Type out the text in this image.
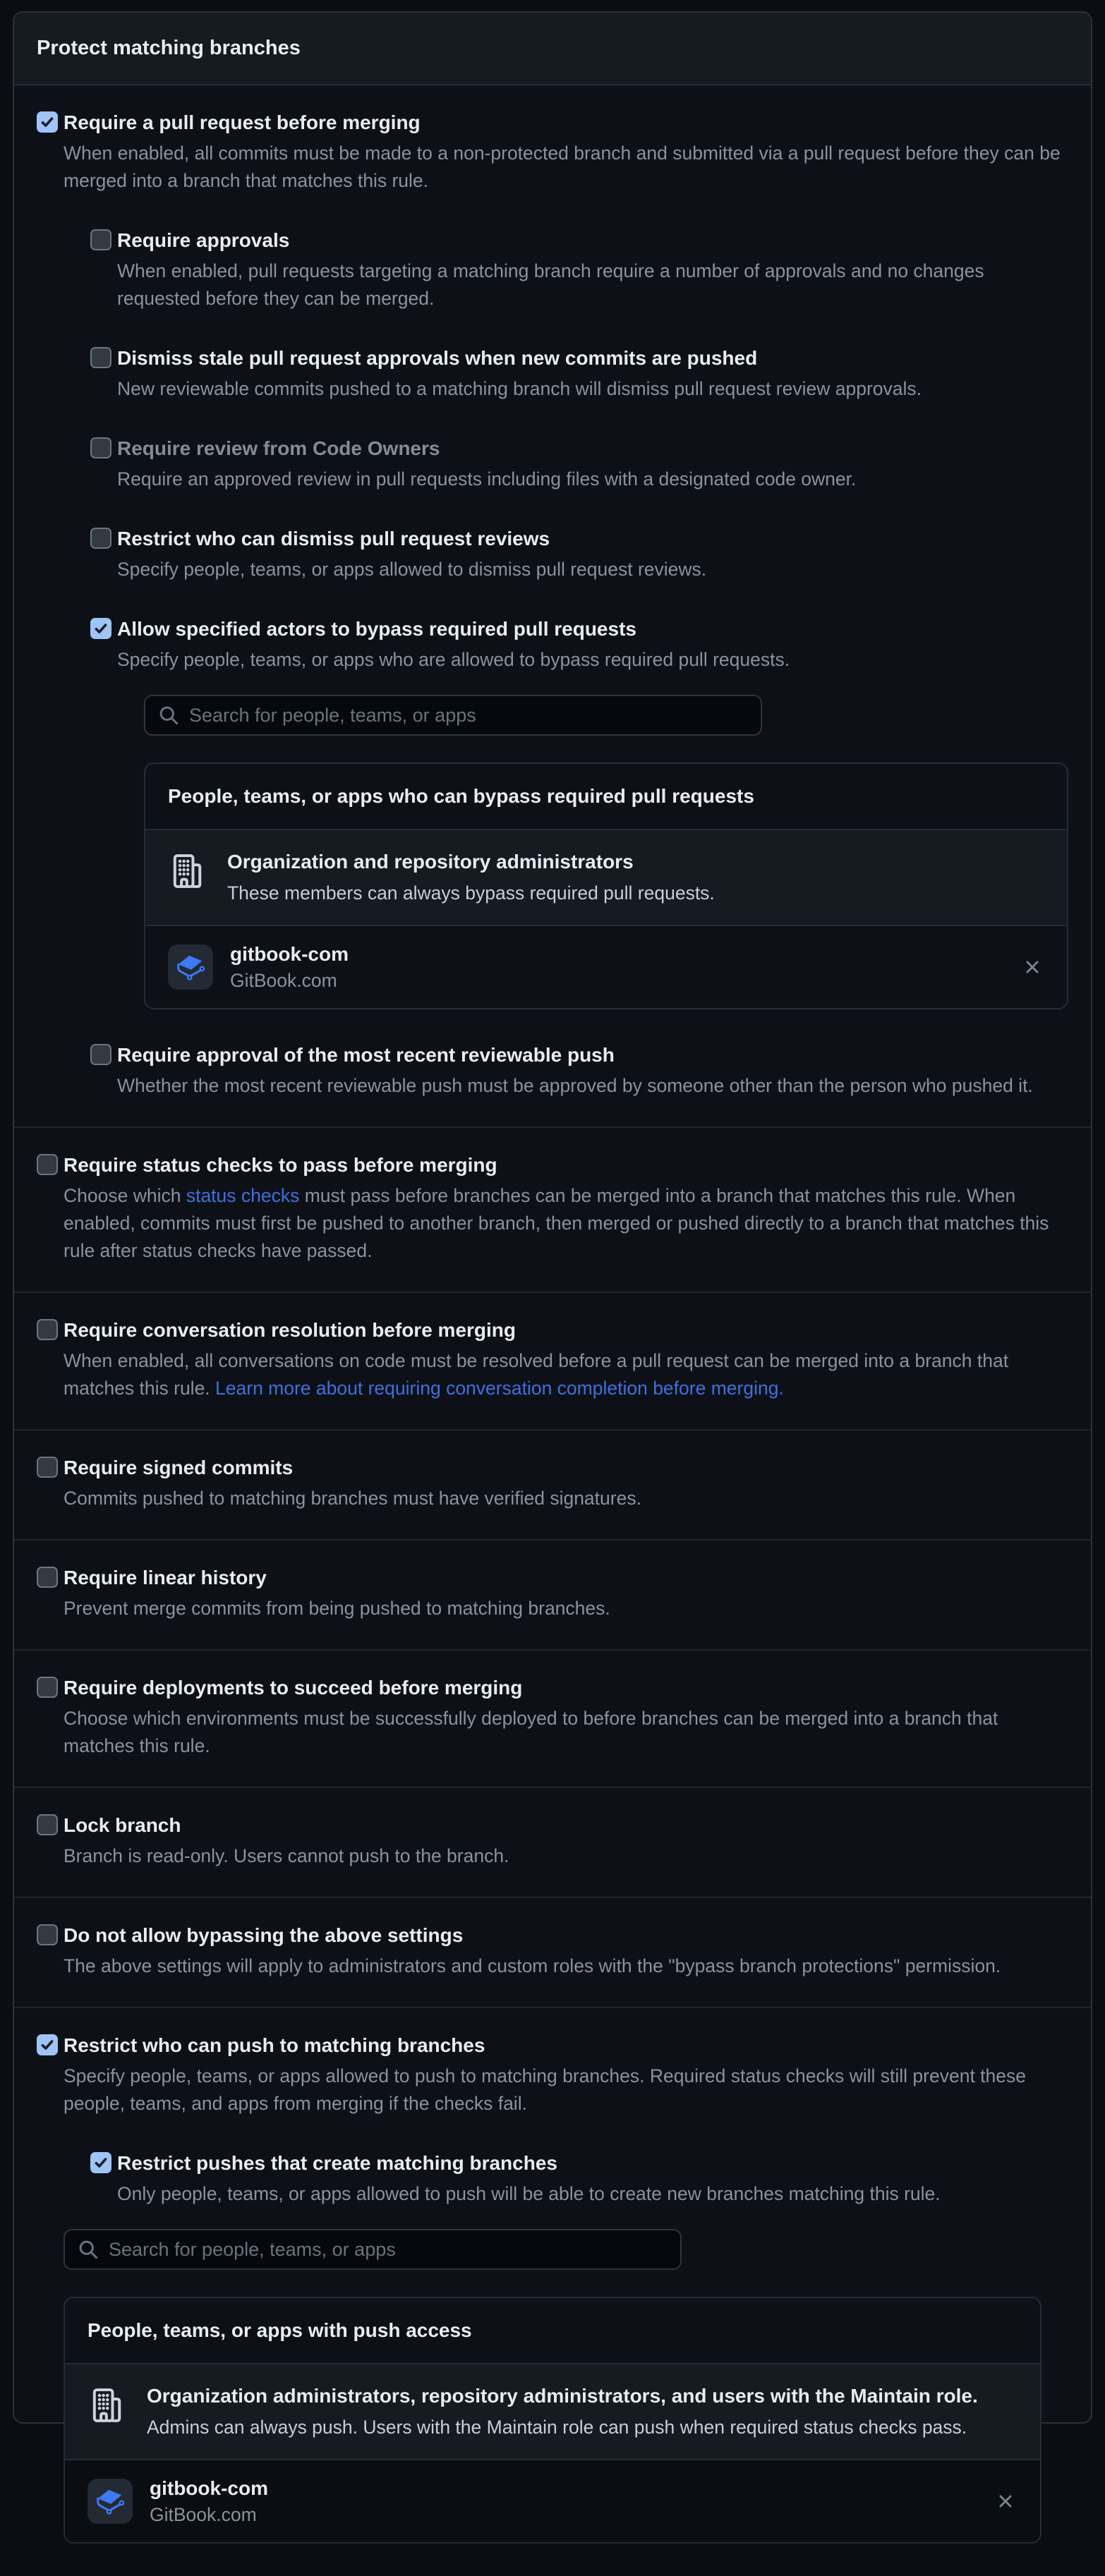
Protect matching branches
Require a pull request before merging
When enabled, all commits must be made to a non-protected branch and submitted via a pull request before they can be merged into a branch that matches this rule.
Require approvals
When enabled, pull requests targeting a matching branch require a number of approvals and no changes requested before they can be merged.
Dismiss stale pull request approvals when new commits are pushed
New reviewable commits pushed to a matching branch will dismiss pull request review approvals.
Require review from Code Owners
Require an approved review in pull requests including files with a designated code owner.
Restrict who can dismiss pull request reviews
Specify people, teams, or apps allowed to dismiss pull request reviews.
Allow specified actors to bypass required pull requests
Specify people, teams, or apps who are allowed to bypass required pull requests.
Search for people, teams, or apps
People, teams, or apps who can bypass required pull requests
Organization and repository administrators
These members can always bypass required pull requests.
gitbook-com
GitBook.com
Require approval of the most recent reviewable push
Whether the most recent reviewable push must be approved by someone other than the person who pushed it.
Require status checks to pass before merging
Choose which status checks must pass before branches can be merged into a branch that matches this rule. When enabled, commits must first be pushed to another branch, then merged or pushed directly to a branch that matches this rule after status checks have passed.
Require conversation resolution before merging
When enabled, all conversations on code must be resolved before a pull request can be merged into a branch that matches this rule. Learn more about requiring conversation completion before merging.
Require signed commits
Commits pushed to matching branches must have verified signatures.
Require linear history
Prevent merge commits from being pushed to matching branches.
Require deployments to succeed before merging
Choose which environments must be successfully deployed to before branches can be merged into a branch that matches this rule.
Lock branch
Branch is read-only. Users cannot push to the branch.
Do not allow bypassing the above settings
The above settings will apply to administrators and custom roles with the "bypass branch protections" permission.
Restrict who can push to matching branches
Specify people, teams, or apps allowed to push to matching branches. Required status checks will still prevent these people, teams, and apps from merging if the checks fail.
Restrict pushes that create matching branches
Only people, teams, or apps allowed to push will be able to create new branches matching this rule.
Search for people, teams, or apps
People, teams, or apps with push access
Organization administrators, repository administrators, and users with the Maintain role.
Admins can always push. Users with the Maintain role can push when required status checks pass.
gitbook-com
GitBook.com
